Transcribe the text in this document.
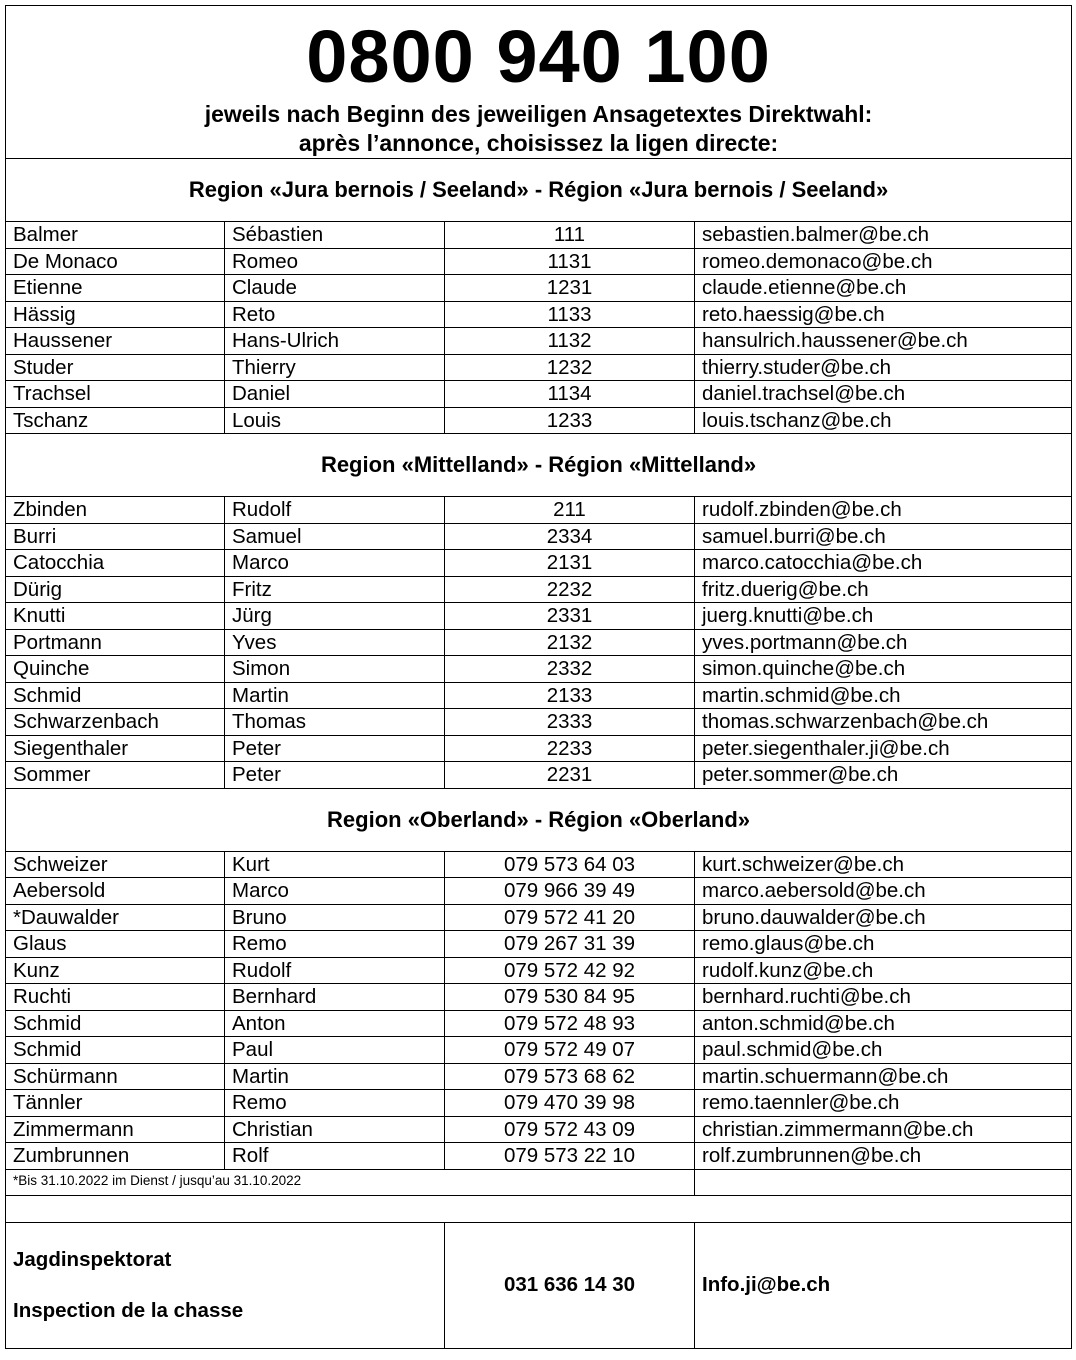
0800 940 100			

jeweils nach Beginn des jeweiligen Ansagetextes Direktwahl:
après l’annonce, choisissez la ligen directe:			

Region «Jura bernois / Seeland» - Région «Jura bernois / Seeland»			
Balmer	Sébastien	111	sebastien.balmer@be.ch
De Monaco	Romeo	1131	romeo.demonaco@be.ch
Etienne	Claude	1231	claude.etienne@be.ch
Hässig	Reto	1133	reto.haessig@be.ch
Haussener	Hans-Ulrich	1132	hansulrich.haussener@be.ch
Studer	Thierry	1232	thierry.studer@be.ch
Trachsel	Daniel	1134	daniel.trachsel@be.ch
Tschanz	Louis	1233	louis.tschanz@be.ch
Region «Mittelland» - Région «Mittelland»			
Zbinden	Rudolf	211	rudolf.zbinden@be.ch
Burri	Samuel	2334	samuel.burri@be.ch
Catocchia	Marco	2131	marco.catocchia@be.ch
Dürig	Fritz	2232	fritz.duerig@be.ch
Knutti	Jürg	2331	juerg.knutti@be.ch
Portmann	Yves	2132	yves.portmann@be.ch
Quinche	Simon	2332	simon.quinche@be.ch
Schmid	Martin	2133	martin.schmid@be.ch
Schwarzenbach	Thomas	2333	thomas.schwarzenbach@be.ch
Siegenthaler	Peter	2233	peter.siegenthaler.ji@be.ch
Sommer	Peter	2231	peter.sommer@be.ch
Region «Oberland» - Région «Oberland»			
Schweizer	Kurt	079 573 64 03	kurt.schweizer@be.ch
Aebersold	Marco	079 966 39 49	marco.aebersold@be.ch
*Dauwalder	Bruno	079 572 41 20	bruno.dauwalder@be.ch
Glaus	Remo	079 267 31 39	remo.glaus@be.ch
Kunz	Rudolf	079 572 42 92	rudolf.kunz@be.ch
Ruchti	Bernhard	079 530 84 95	bernhard.ruchti@be.ch
Schmid	Anton	079 572 48 93	anton.schmid@be.ch
Schmid	Paul	079 572 49 07	paul.schmid@be.ch
Schürmann	Martin	079 573 68 62	martin.schuermann@be.ch
Tännler	Remo	079 470 39 98	remo.taennler@be.ch
Zimmermann	Christian	079 572 43 09	christian.zimmermann@be.ch
Zumbrunnen	Rolf	079 573 22 10	rolf.zumbrunnen@be.ch
*Bis 31.10.2022 im Dienst / jusqu’au 31.10.2022			

Jagdinspektorat
Inspection de la chasse		031 636 14 30	Info.ji@be.ch
